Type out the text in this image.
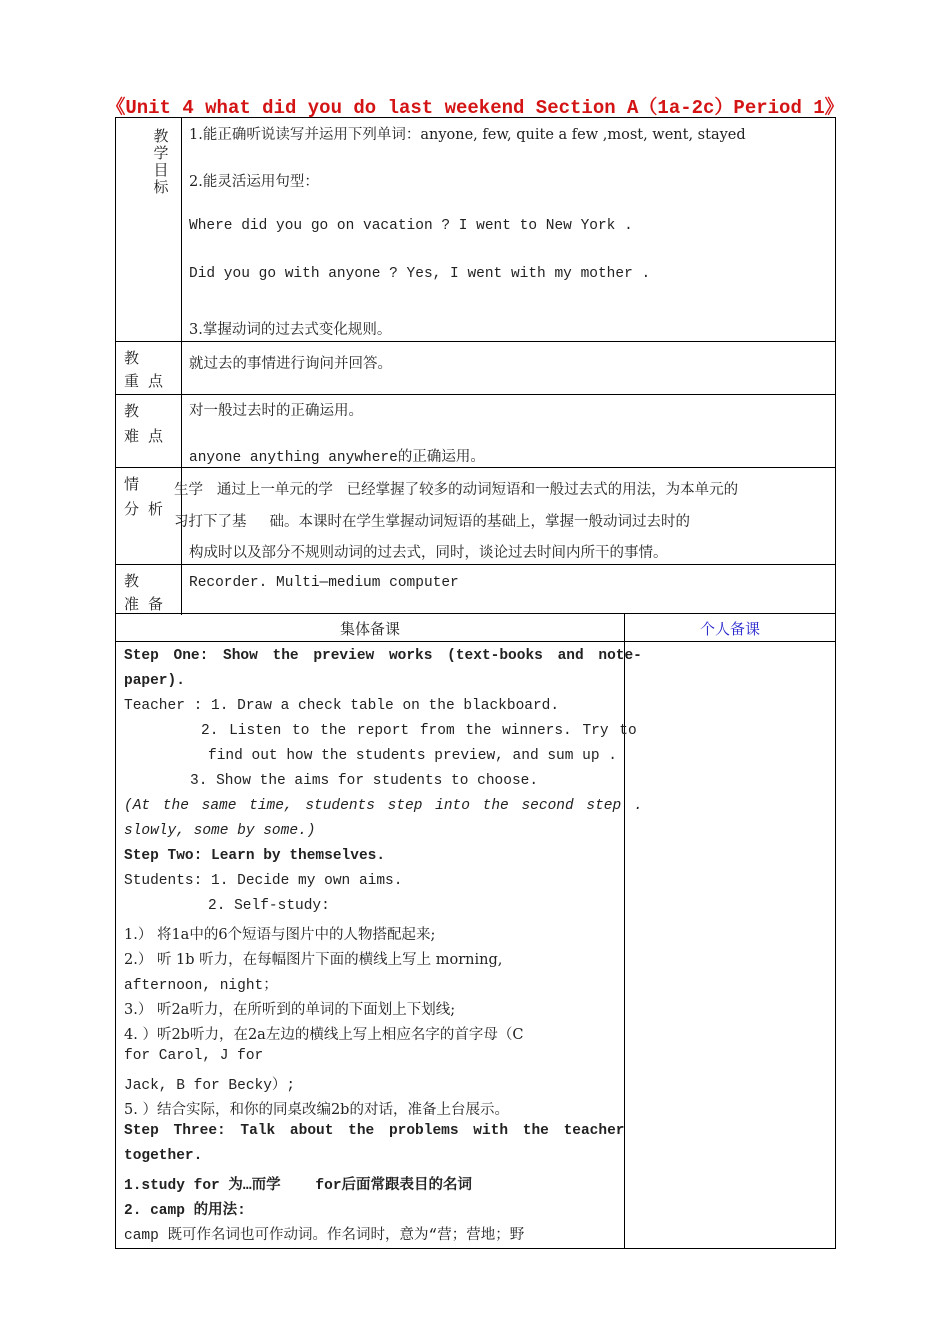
《Unit 4 what did you do last weekend Section A（1a-2c）Period 1》
教学目标
1.能正确听说读写并运用下列单词：anyone, few, quite a few ,most, went, stayed
2.能灵活运用句型：
Where did you go on vacation ? I went to New York .
Did you go with anyone ? Yes, I went with my mother .
3.掌握动词的过去式变化规则。
教
重点
就过去的事情进行询问并回答。
教
难点
对一般过去时的正确运用。
anyone anything anywhere的正确运用。
情
分析
生学   通过上一单元的学   已经掌握了较多的动词短语和一般过去式的用法，为本单元的
习打下了基     础。本课时在学生掌握动词短语的基础上，掌握一般动词过去时的
构成时以及部分不规则动词的过去式，同时，谈论过去时间内所干的事情。
教
准备
Recorder. Multi—medium computer
集体备课	个人备课
Step One: Show the preview works (text-books and note-
paper).
Teacher : 1. Draw a check table on the blackboard.
2. Listen to the report from the winners. Try to
find out how the students preview, and sum up .
3. Show the aims for students to choose.
(At the same time, students step into the second step .
slowly, some by some.)
Step Two: Learn by themselves.
Students: 1. Decide my own aims.
2. Self-study:
1.） 将1a中的6个短语与图片中的人物搭配起来;
2.） 听 1b 听力，在每幅图片下面的横线上写上 morning,
afternoon, night；
3.） 听2a听力，在所听到的单词的下面划上下划线;
4. ）听2b听力，在2a左边的横线上写上相应名字的首字母（C
for Carol, J for
Jack, B for Becky）;
5. ）结合实际，和你的同桌改编2b的对话，准备上台展示。
Step Three: Talk about the problems with the teacher
together.
1.study for 为…而学    for后面常跟表目的名词
2. camp 的用法:
camp 既可作名词也可作动词。作名词时，意为“营；营地；野
